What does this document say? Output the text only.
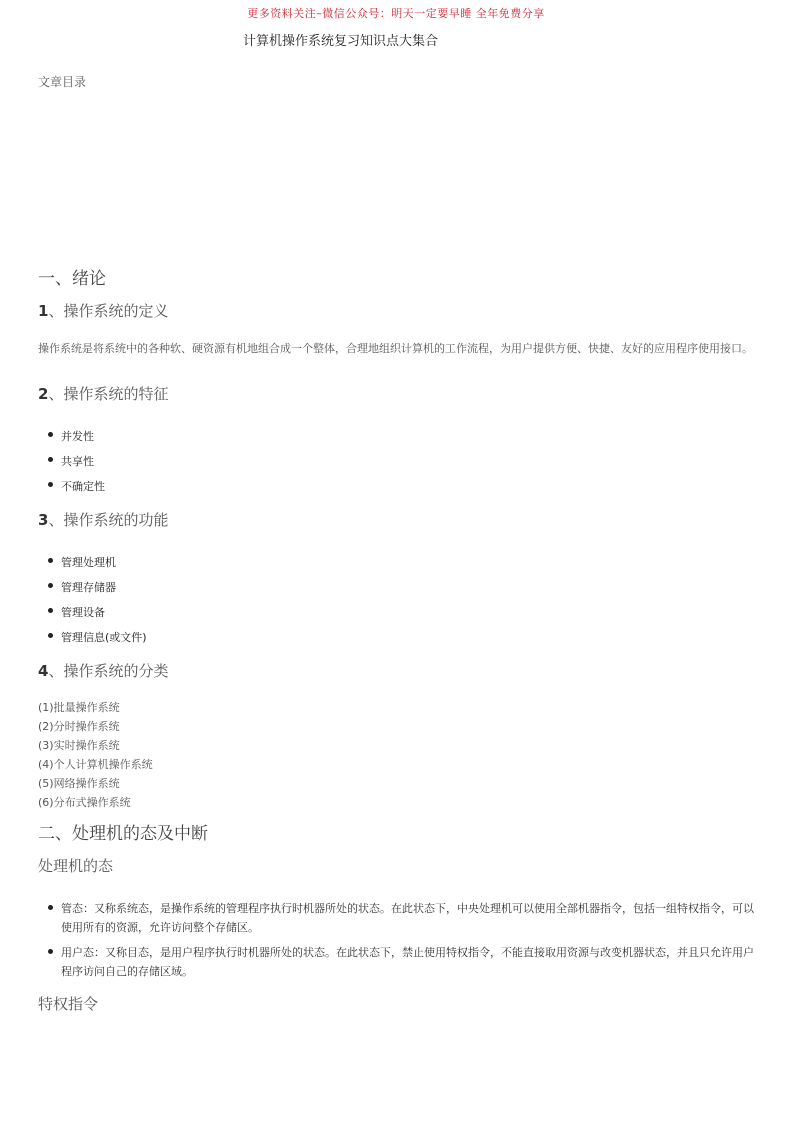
更多资料关注–微信公众号：明天一定要早睡 全年免费分享
计算机操作系统复习知识点大集合
文章目录
一、绪论
1、操作系统的定义
操作系统是将系统中的各种软、硬资源有机地组合成一个整体，合理地组织计算机的工作流程，为用户提供方便、快捷、友好的应用程序使用接口。
2、操作系统的特征
并发性
共享性
不确定性
3、操作系统的功能
管理处理机
管理存储器
管理设备
管理信息(或文件)
4、操作系统的分类
(1)批量操作系统
(2)分时操作系统
(3)实时操作系统
(4)个人计算机操作系统
(5)网络操作系统
(6)分布式操作系统
二、处理机的态及中断
处理机的态
管态：又称系统态，是操作系统的管理程序执行时机器所处的状态。在此状态下，中央处理机可以使用全部机器指令，包括一组特权指令，可以使用所有的资源，允许访问整个存储区。
用户态：又称目态，是用户程序执行时机器所处的状态。在此状态下，禁止使用特权指令，不能直接取用资源与改变机器状态，并且只允许用户程序访问自己的存储区域。
特权指令
